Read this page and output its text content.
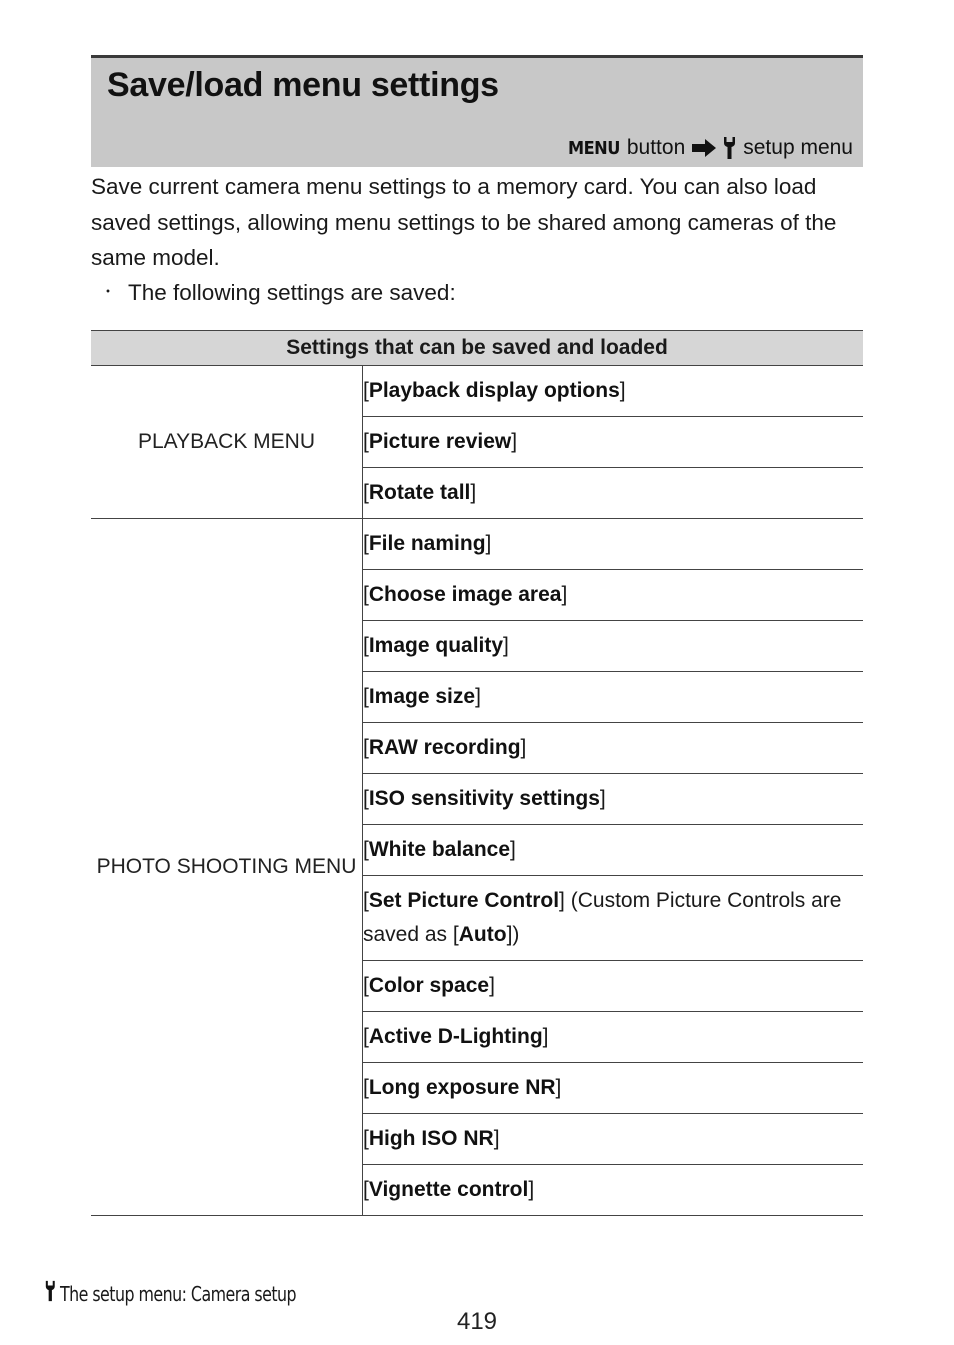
Save/load menu settings
MENU button	setup menu

Save current camera menu settings to a memory card. You can also load saved settings, allowing menu settings to be shared among cameras of the same model.

・ The following settings are saved:
Settings that can be saved and loaded	
PLAYBACK MENU	[Playback display options]
	[Picture review]
	[Rotate tall]
PHOTO SHOOTING MENU	[File naming]
	[Choose image area]
	[Image quality]
	[Image size]
	[RAW recording]
	[ISO sensitivity settings]
	[White balance]
	[Set Picture Control] (Custom Picture Controls are saved as [Auto])
	[Color space]
	[Active D-Lighting]
	[Long exposure NR]
	[High ISO NR]
	[Vignette control]
The setup menu: Camera setup
419
